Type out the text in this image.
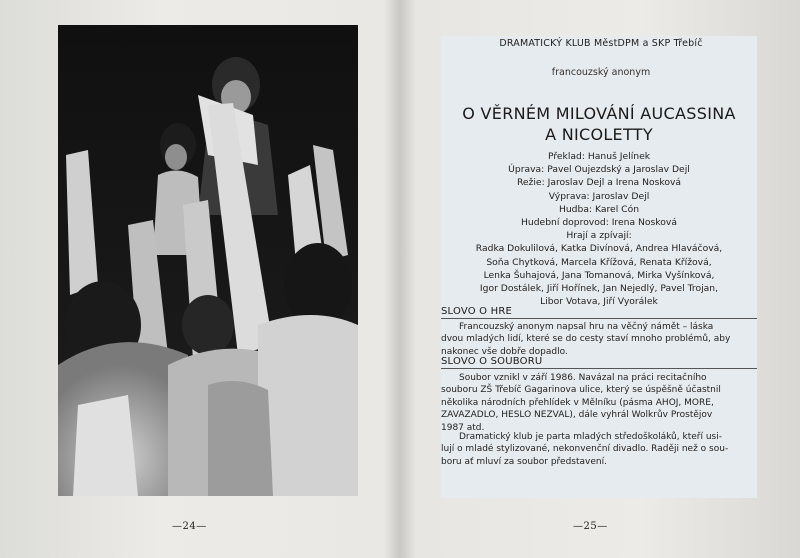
—24—
DRAMATICKÝ KLUB MěstDPM a SKP Třebíč
francouzský anonym
O VĚRNÉM MILOVÁNÍ AUCASSINA
A NICOLETTY
Překlad: Hanuš Jelínek
Úprava: Pavel Oujezdský a Jaroslav Dejl
Režie: Jaroslav Dejl a Irena Nosková
Výprava: Jaroslav Dejl
Hudba: Karel Cón
Hudební doprovod: Irena Nosková
Hrají a zpívají:
Radka Dokulilová, Katka Divínová, Andrea Hlaváčová,
Soňa Chytková, Marcela Křížová, Renata Křížová,
Lenka Šuhajová, Jana Tomanová, Mirka Vyšínková,
Igor Dostálek, Jiří Hořínek, Jan Nejedlý, Pavel Trojan,
Libor Votava, Jiří Vyorálek
SLOVO O HRE
Francouzský anonym napsal hru na věčný námět – láska
dvou mladých lidí, které se do cesty staví mnoho problémů, aby
nakonec vše dobře dopadlo.
SLOVO O SOUBORU
Soubor vznikl v září 1986. Navázal na práci recitačního
souboru ZŠ Třebíč Gagarinova ulice, který se úspěšně účastnil
několika národních přehlídek v Mělníku (pásma AHOJ, MORE,
ZAVAZADLO, HESLO NEZVAL), dále vyhrál Wolkrův Prostějov
1987 atd.
Dramatický klub je parta mladých středoškoláků, kteří usi-
lují o mladé stylizované, nekonvenční divadlo. Raději než o sou-
boru ať mluví za soubor představení.
—25—
